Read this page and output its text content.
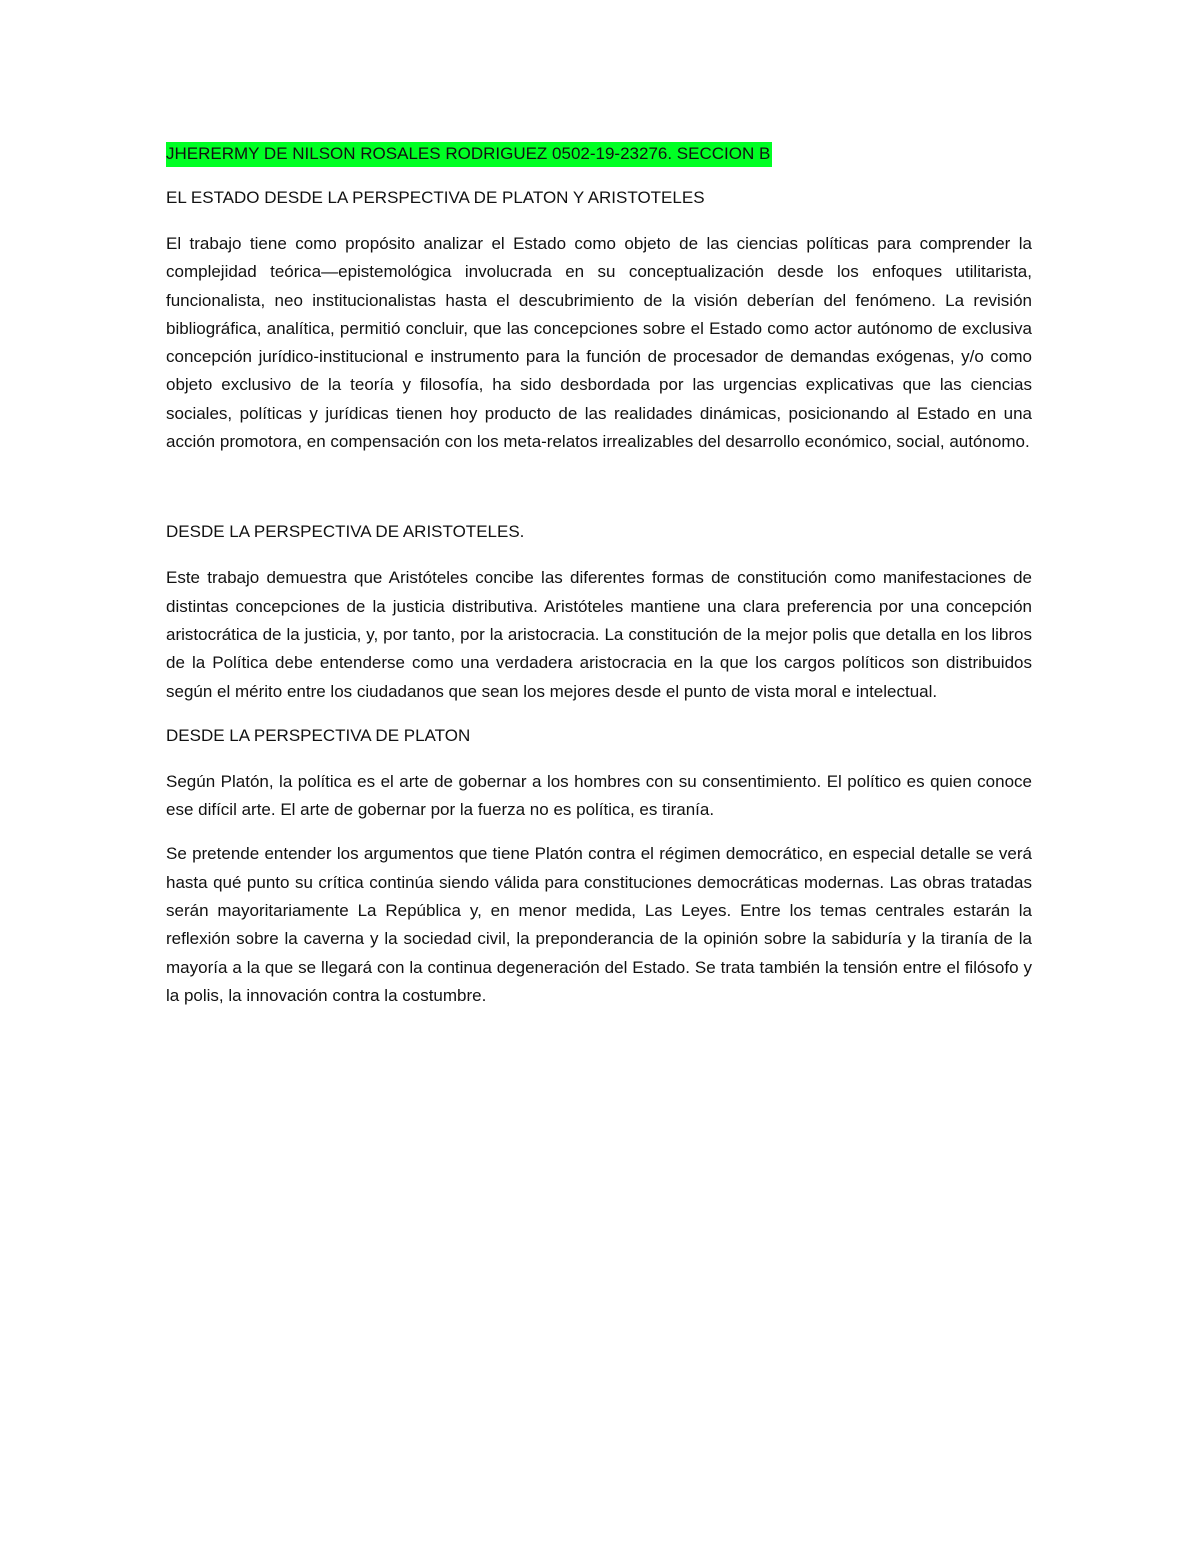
JHERERMY DE NILSON ROSALES RODRIGUEZ 0502-19-23276. SECCION B

EL ESTADO DESDE LA PERSPECTIVA DE PLATON Y ARISTOTELES

El trabajo tiene como propósito analizar el Estado como objeto de las ciencias políticas para comprender la complejidad teórica—epistemológica involucrada en su conceptualización desde los enfoques utilitarista, funcionalista, neo institucionalistas hasta el descubrimiento de la visión deberían del fenómeno. La revisión bibliográfica, analítica, permitió concluir, que las concepciones sobre el Estado como actor autónomo de exclusiva concepción jurídico-institucional e instrumento para la función de procesador de demandas exógenas, y/o como objeto exclusivo de la teoría y filosofía, ha sido desbordada por las urgencias explicativas que las ciencias sociales, políticas y jurídicas tienen hoy producto de las realidades dinámicas, posicionando al Estado en una acción promotora, en compensación con los meta-relatos irrealizables del desarrollo económico, social, autónomo.

DESDE LA PERSPECTIVA DE ARISTOTELES.

Este trabajo demuestra que Aristóteles concibe las diferentes formas de constitución como manifestaciones de distintas concepciones de la justicia distributiva. Aristóteles mantiene una clara preferencia por una concepción aristocrática de la justicia, y, por tanto, por la aristocracia. La constitución de la mejor polis que detalla en los libros de la Política debe entenderse como una verdadera aristocracia en la que los cargos políticos son distribuidos según el mérito entre los ciudadanos que sean los mejores desde el punto de vista moral e intelectual.

DESDE LA PERSPECTIVA DE PLATON

Según Platón, la política es el arte de gobernar a los hombres con su consentimiento. El político es quien conoce ese difícil arte. El arte de gobernar por la fuerza no es política, es tiranía.

Se pretende entender los argumentos que tiene Platón contra el régimen democrático, en especial detalle se verá hasta qué punto su crítica continúa siendo válida para constituciones democráticas modernas. Las obras tratadas serán mayoritariamente La República y, en menor medida, Las Leyes. Entre los temas centrales estarán la reflexión sobre la caverna y la sociedad civil, la preponderancia de la opinión sobre la sabiduría y la tiranía de la mayoría a la que se llegará con la continua degeneración del Estado. Se trata también la tensión entre el filósofo y la polis, la innovación contra la costumbre.
